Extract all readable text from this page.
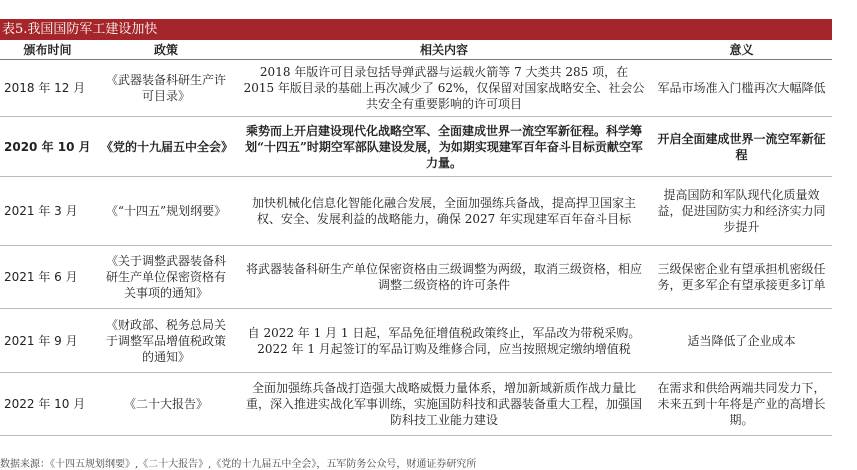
表5.我国国防军工建设加快
颁布时间	政策	相关内容	意义
2018 年 12 月	《武器装备科研生产许可目录》	2018 年版许可目录包括导弹武器与运载火箭等 7 大类共 285 项，在 2015 年版目录的基础上再次减少了 62%，仅保留对国家战略安全、社会公共安全有重要影响的许可项目	军品市场准入门槛再次大幅降低
2020 年 10 月	《党的十九届五中全会》	乘势而上开启建设现代化战略空军、全面建成世界一流空军新征程。科学筹划“十四五”时期空军部队建设发展，为如期实现建军百年奋斗目标贡献空军力量。	开启全面建成世界一流空军新征程
2021 年 3 月	《“十四五”规划纲要》	加快机械化信息化智能化融合发展，全面加强练兵备战，提高捍卫国家主权、安全、发展利益的战略能力，确保 2027 年实现建军百年奋斗目标	提高国防和军队现代化质量效益，促进国防实力和经济实力同步提升
2021 年 6 月	《关于调整武器装备科研生产单位保密资格有关事项的通知》	将武器装备科研生产单位保密资格由三级调整为两级，取消三级资格，相应调整二级资格的许可条件	三级保密企业有望承担机密级任务，更多军企有望承接更多订单
2021 年 9 月	《财政部、税务总局关于调整军品增值税政策的通知》	自 2022 年 1 月 1 日起，军品免征增值税政策终止，军品改为带税采购。2022 年 1 月起签订的军品订购及维修合同，应当按照规定缴纳增值税	适当降低了企业成本
2022 年 10 月	《二十大报告》	全面加强练兵备战打造强大战略威慑力量体系，增加新域新质作战力量比重，深入推进实战化军事训练，实施国防科技和武器装备重大工程，加强国防科技工业能力建设	在需求和供给两端共同发力下，未来五到十年将是产业的高增长期。
数据来源：《十四五规划纲要》,《二十大报告》,《党的十九届五中全会》，五军防务公众号，财通证券研究所
